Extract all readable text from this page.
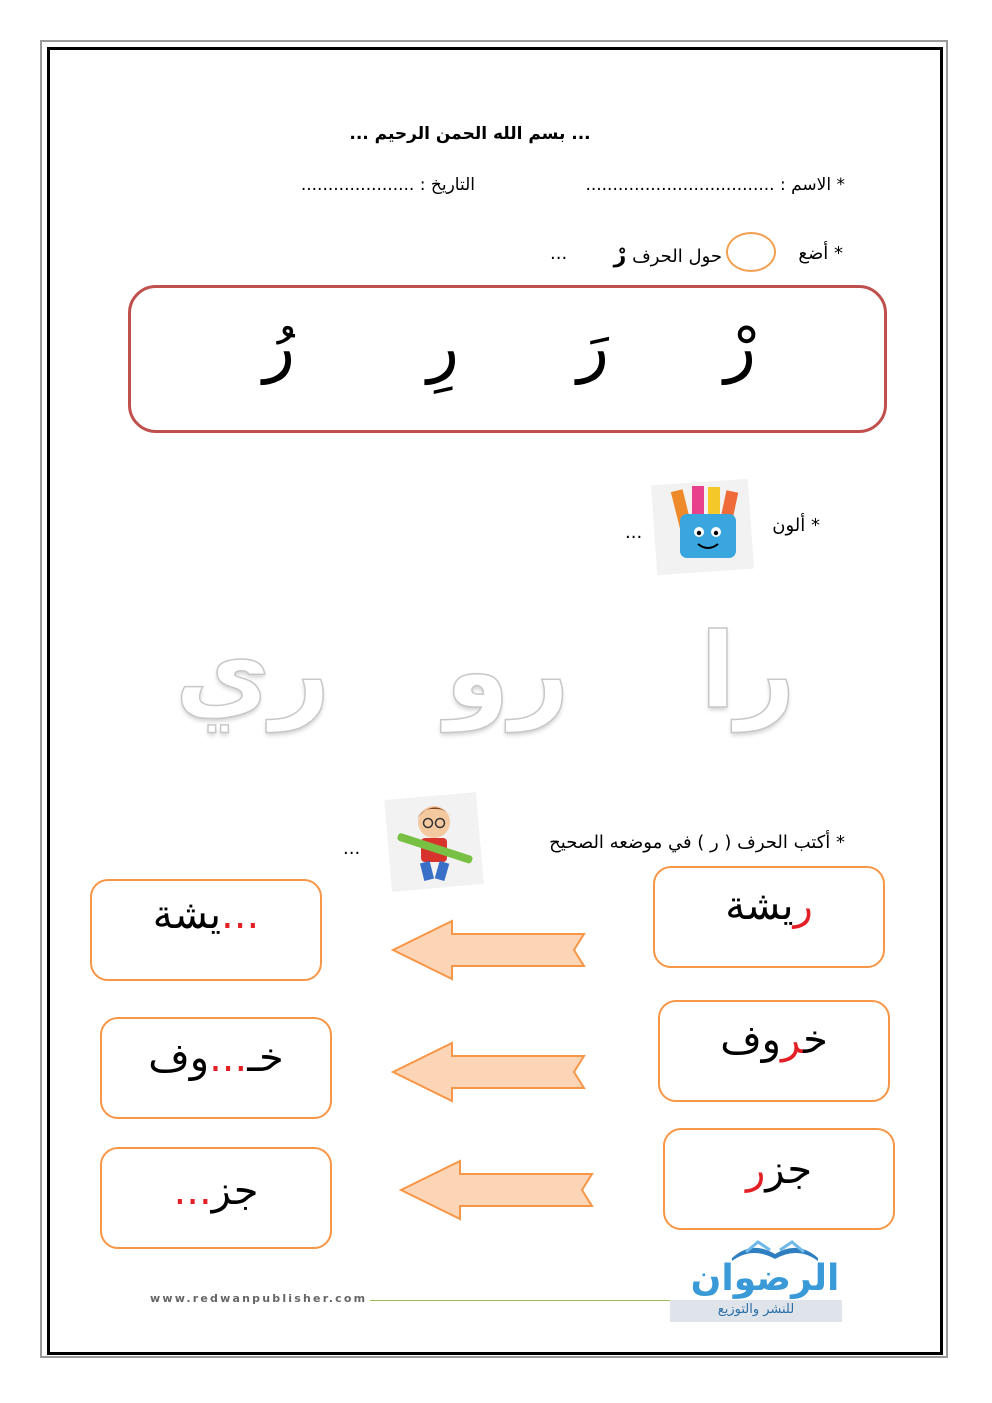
... بسم الله الحمن الرحيم ...
* الاسم : ...................................
التاريخ : .....................
* أضع
حول الحرف رْ
...
رْ
رَ
رِ
رُ
* ألون
...
را
رو
ري
* أكتب الحرف ( ر ) في موضعه الصحيح
...
ريشة
...يشة
خروف
خـ...وف
جزر
جز...
www.redwanpublisher.com	الرضوان
للنشر والتوزيع
